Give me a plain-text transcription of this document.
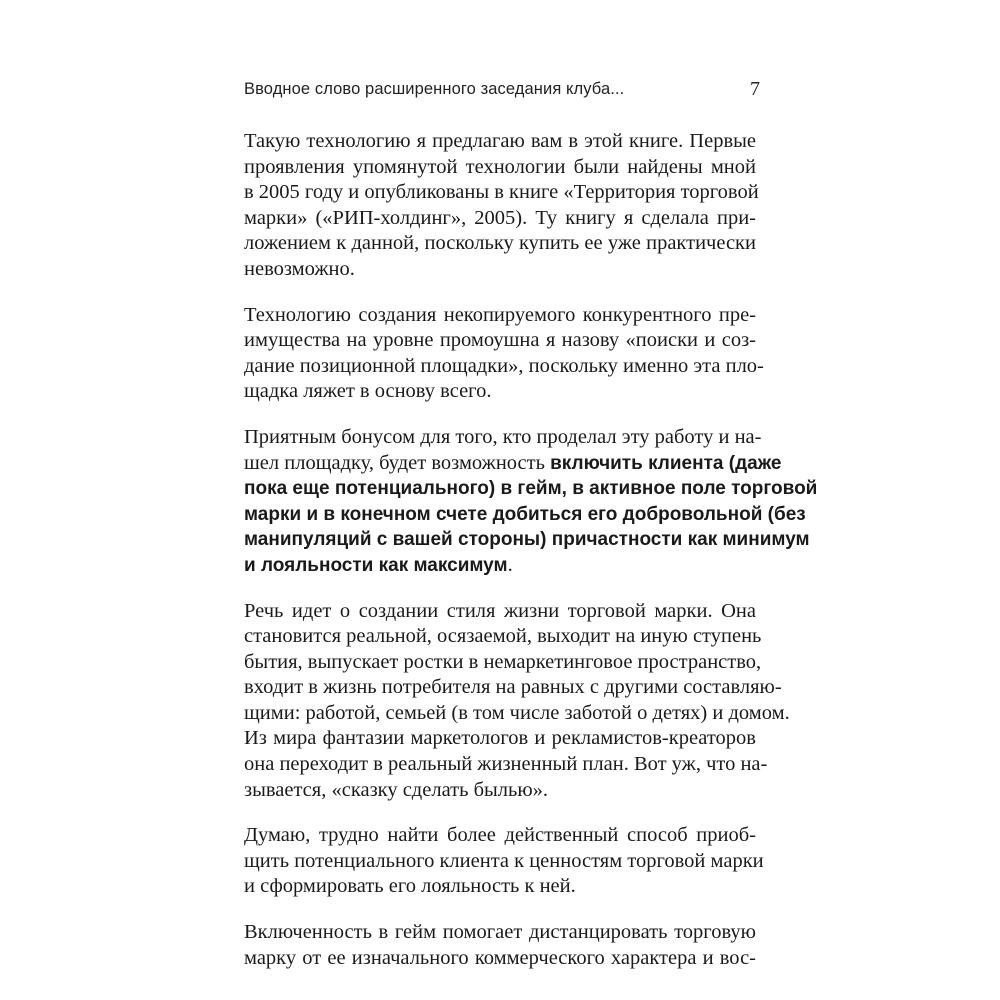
Вводное слово расширенного заседания клуба...	7
Такую технологию я предлагаю вам в этой книге. Первые
проявления упомянутой технологии были найдены мной
в 2005 году и опубликованы в книге «Территория торговой
марки» («РИП-холдинг», 2005). Ту книгу я сделала при-
ложением к данной, поскольку купить ее уже практически
невозможно.
Технологию создания некопируемого конкурентного пре-
имущества на уровне промоушна я назову «поиски и соз-
дание позиционной площадки», поскольку именно эта пло-
щадка ляжет в основу всего.
Приятным бонусом для того, кто проделал эту работу и на-
шел площадку, будет возможность включить клиента (даже
пока еще потенциального) в гейм, в активное поле торговой
марки и в конечном счете добиться его добровольной (без
манипуляций с вашей стороны) причастности как минимум
и лояльности как максимум.
Речь идет о создании стиля жизни торговой марки. Она
становится реальной, осязаемой, выходит на иную ступень
бытия, выпускает ростки в немаркетинговое пространство,
входит в жизнь потребителя на равных с другими составляю-
щими: работой, семьей (в том числе заботой о детях) и домом.
Из мира фантазии маркетологов и рекламистов-креаторов
она переходит в реальный жизненный план. Вот уж, что на-
зывается, «сказку сделать былью».
Думаю, трудно найти более действенный способ приоб-
щить потенциального клиента к ценностям торговой марки
и сформировать его лояльность к ней.
Включенность в гейм помогает дистанцировать торговую
марку от ее изначального коммерческого характера и вос-
